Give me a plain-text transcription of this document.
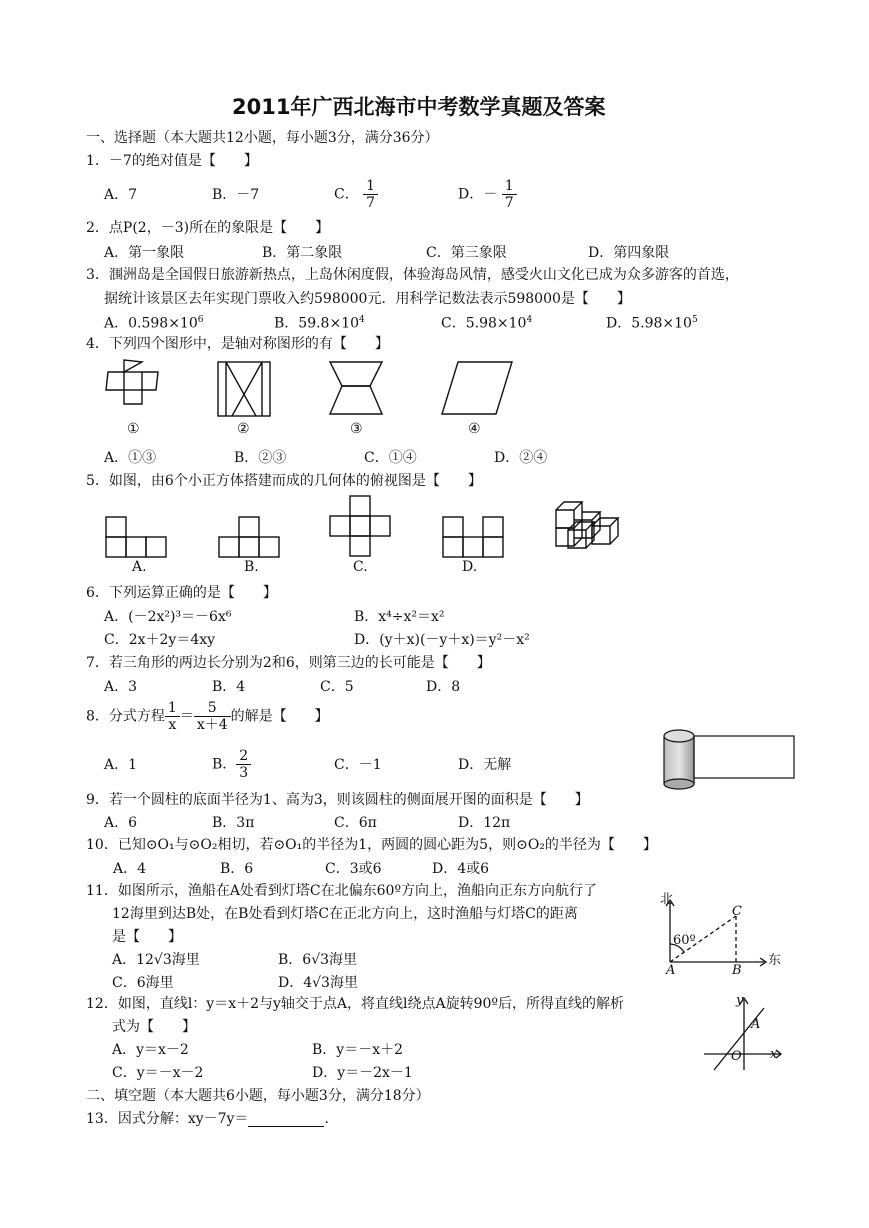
2011年广西北海市中考数学真题及答案
一、选择题（本大题共12小题，每小题3分，满分36分）
1．－7的绝对值是【　　】
A．7	B．－7	C． $\frac{1}{7}$	D．－ $\frac{1}{7}$
2．点P(2，－3)所在的象限是【　　】
A．第一象限	B．第二象限	C．第三象限	D．第四象限
3．涠洲岛是全国假日旅游新热点，上岛休闲度假，体验海岛风情，感受火山文化已成为众多游客的首选，
据统计该景区去年实现门票收入约598000元．用科学记数法表示598000是【　　】
A．$0.598\times 10^6$	B．$59.8\times 10^4$	C．$5.98\times 10^4$	D．$5.98\times 10^5$
4．下列四个图形中，是轴对称图形的有【　　】
①	②	③	④
A．①③	B．②③	C．①④	D．②④
5．如图，由6个小正方体搭建而成的几何体的俯视图是【　　】
A.	B.	C.	D.
6．下列运算正确的是【　　】
A．(－2x²)³＝－6x⁶	B．x⁴÷x²＝x²
C．2x＋2y＝4xy	D．(y＋x)(－y＋x)＝y²－x²
7．若三角形的两边长分别为2和6，则第三边的长可能是【　　】
A．3	B．4	C．5	D．8
8．分式方程 $\frac{1}{x} = \frac{5}{x+4}$ 的解是【　　】
A．1	B． $\frac{2}{3}$	C．－1	D．无解
9．若一个圆柱的底面半径为1、高为3，则该圆柱的侧面展开图的面积是【　　】
A．6	B．3π	C．6π	D．12π
10．已知⊙O₁与⊙O₂相切，若⊙O₁的半径为1，两圆的圆心距为5，则⊙O₂的半径为【　　】
A．4	B．6	C．3或6	D．4或6
11．如图所示，渔船在A处看到灯塔C在北偏东60º方向上，渔船向正东方向航行了
12海里到达B处，在B处看到灯塔C在正北方向上，这时渔船与灯塔C的距离
是【　　】
A．12√3海里	B．6√3海里
C．6海里	D．4√3海里
北
东
60º
A	B
C
12．如图，直线l：y＝x＋2与y轴交于点A，将直线l绕点A旋转90º后，所得直线的解析
式为【　　】
A．y＝x－2	B．y＝－x＋2
C．y＝－x－2	D．y＝－2x－1
y
x
A
O
二、填空题（本大题共6小题，每小题3分，满分18分）
13．因式分解：xy－7y＝	.
